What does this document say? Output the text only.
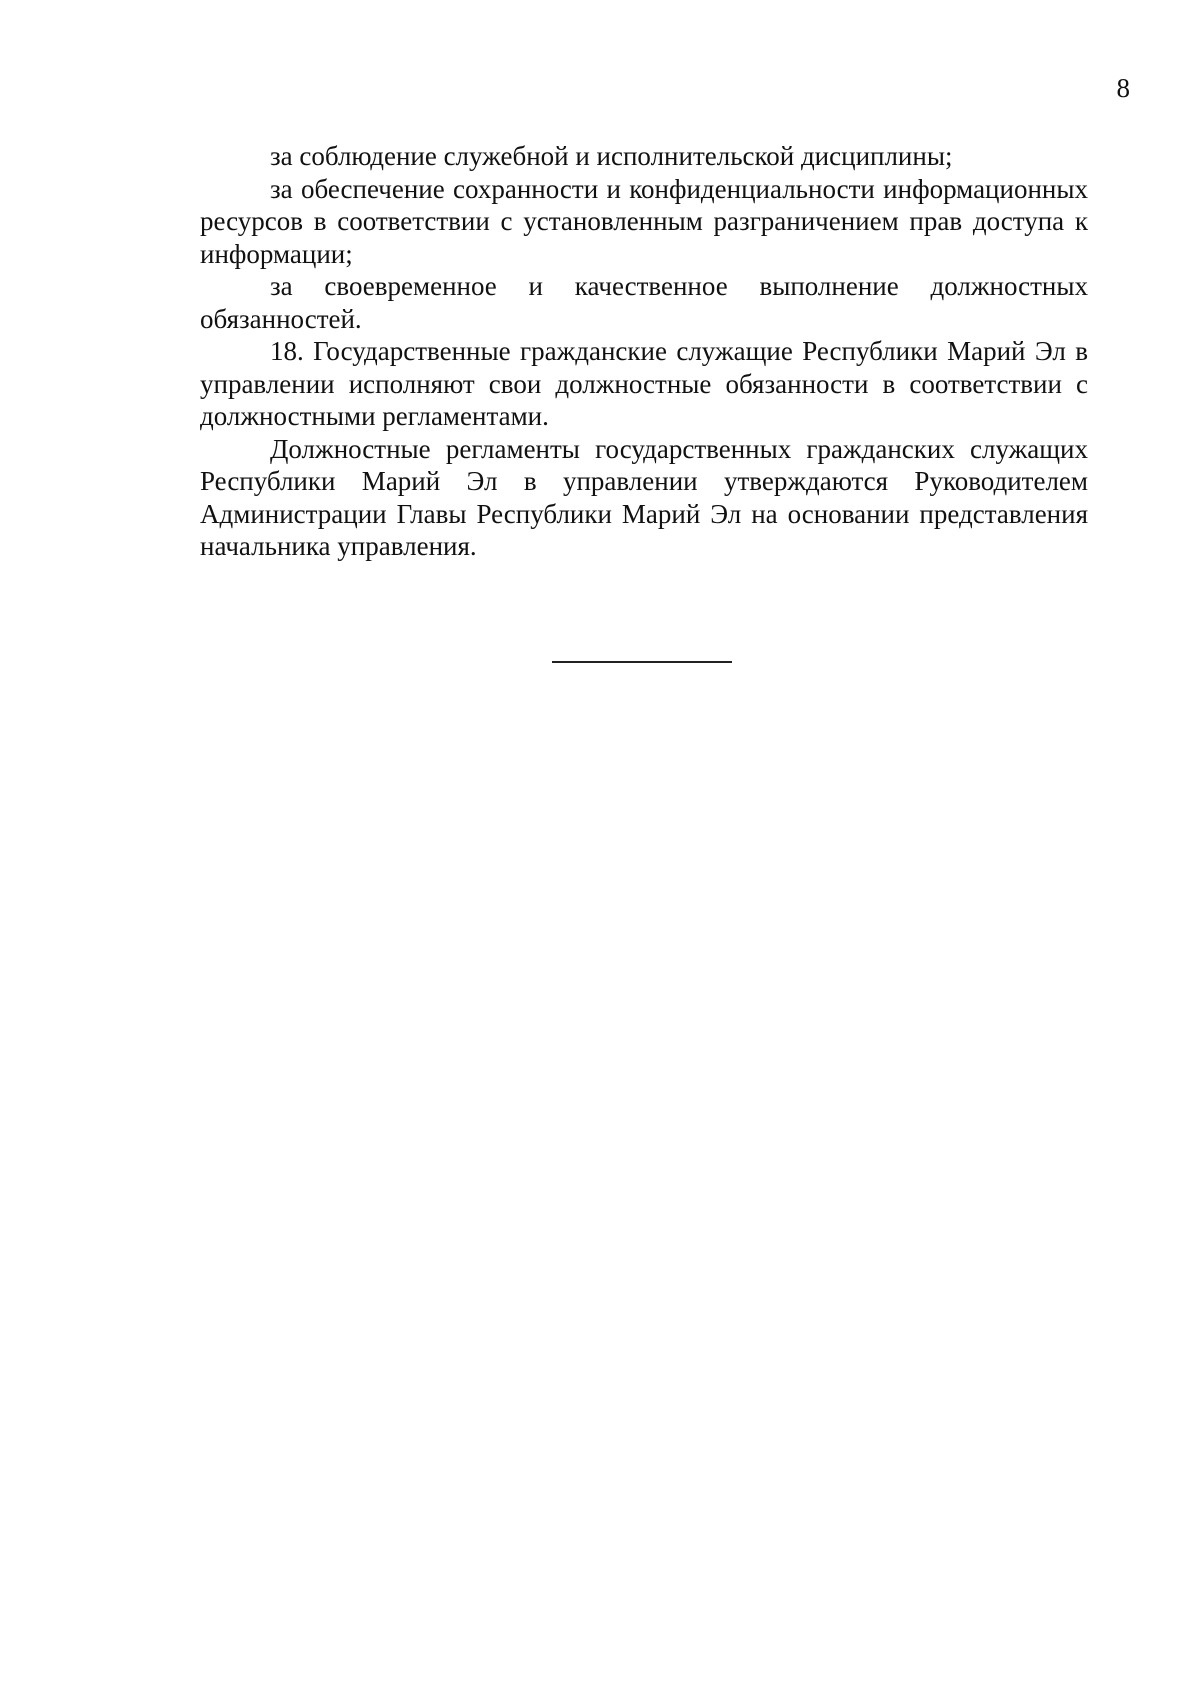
8

за соблюдение служебной и исполнительской дисциплины;

за обеспечение сохранности и конфиденциальности информационных ресурсов в соответствии с установленным разграничением прав доступа к информации;

за своевременное и качественное выполнение должностных обязанностей.

18. Государственные гражданские служащие Республики Марий Эл в управлении исполняют свои должностные обязанности в соответствии с должностными регламентами.

Должностные регламенты государственных гражданских служащих Республики Марий Эл в управлении утверждаются Руководителем Администрации Главы Республики Марий Эл на основании представления начальника управления.
